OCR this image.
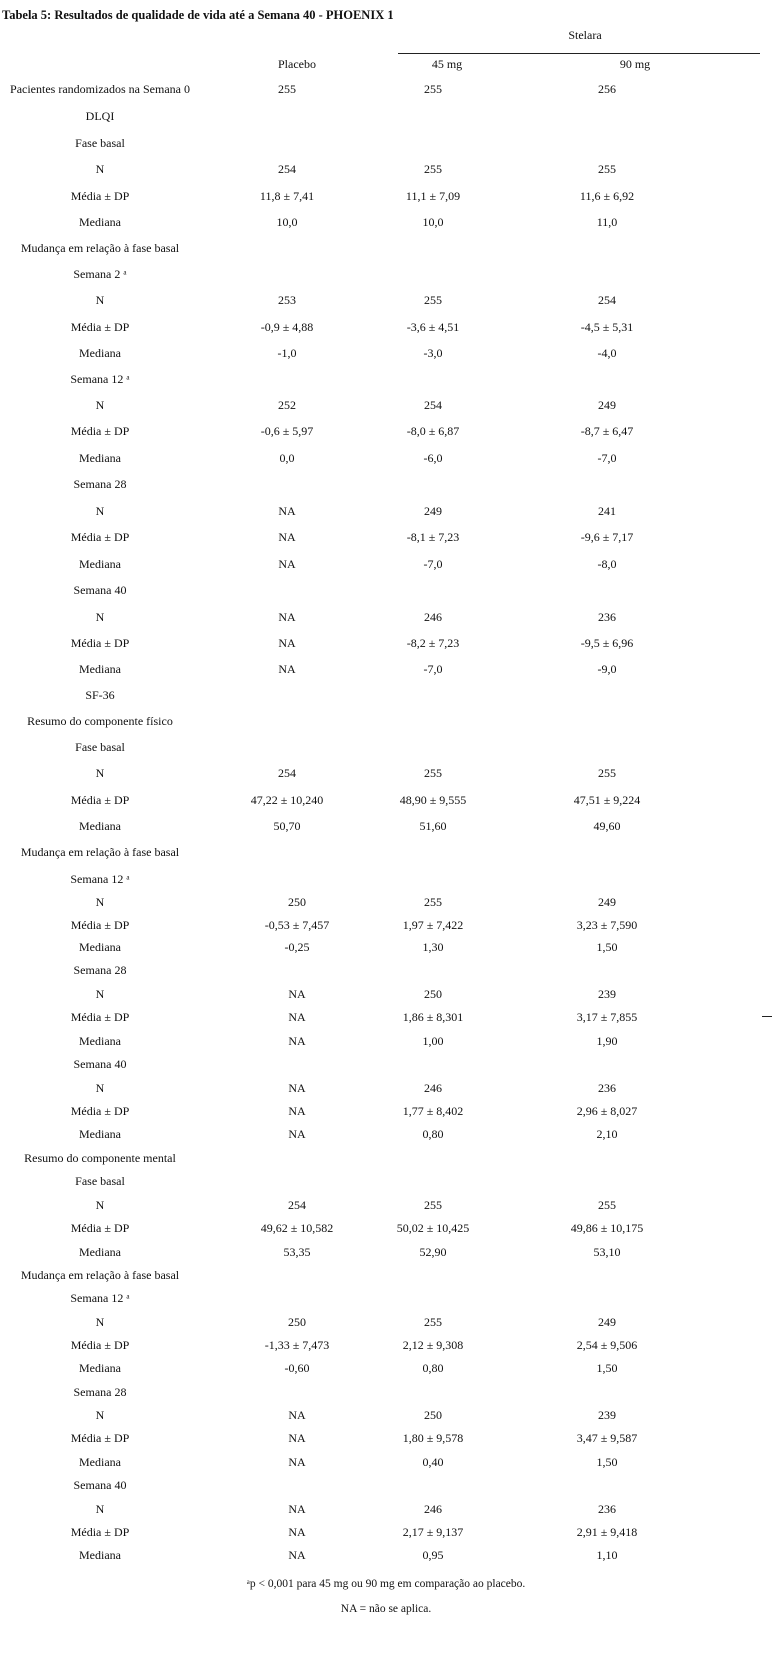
Tabela 5: Resultados de qualidade de vida até a Semana 40 - PHOENIX 1
Stelara
Placebo	45 mg	90 mg
Pacientes randomizados na Semana 0	255	255	256
DLQI
Fase basal
N	254	255	255
Média ± DP	11,8 ± 7,41	11,1 ± 7,09	11,6 ± 6,92
Mediana	10,0	10,0	11,0
Mudança em relação à fase basal
Semana 2 ᵃ
N	253	255	254
Média ± DP	-0,9 ± 4,88	-3,6 ± 4,51	-4,5 ± 5,31
Mediana	-1,0	-3,0	-4,0
Semana 12 ᵃ
N	252	254	249
Média ± DP	-0,6 ± 5,97	-8,0 ± 6,87	-8,7 ± 6,47
Mediana	0,0	-6,0	-7,0
Semana 28
N	NA	249	241
Média ± DP	NA	-8,1 ± 7,23	-9,6 ± 7,17
Mediana	NA	-7,0	-8,0
Semana 40
N	NA	246	236
Média ± DP	NA	-8,2 ± 7,23	-9,5 ± 6,96
Mediana	NA	-7,0	-9,0
SF-36
Resumo do componente físico
Fase basal
N	254	255	255
Média ± DP	47,22 ± 10,240	48,90 ± 9,555	47,51 ± 9,224
Mediana	50,70	51,60	49,60
Mudança em relação à fase basal
Semana 12 ᵃ
N	250	255	249
Média ± DP	-0,53 ± 7,457	1,97 ± 7,422	3,23 ± 7,590
Mediana	-0,25	1,30	1,50
Semana 28
N	NA	250	239
Média ± DP	NA	1,86 ± 8,301	3,17 ± 7,855
Mediana	NA	1,00	1,90
Semana 40
N	NA	246	236
Média ± DP	NA	1,77 ± 8,402	2,96 ± 8,027
Mediana	NA	0,80	2,10
Resumo do componente mental
Fase basal
N	254	255	255
Média ± DP	49,62 ± 10,582	50,02 ± 10,425	49,86 ± 10,175
Mediana	53,35	52,90	53,10
Mudança em relação à fase basal
Semana 12 ᵃ
N	250	255	249
Média ± DP	-1,33 ± 7,473	2,12 ± 9,308	2,54 ± 9,506
Mediana	-0,60	0,80	1,50
Semana 28
N	NA	250	239
Média ± DP	NA	1,80 ± 9,578	3,47 ± 9,587
Mediana	NA	0,40	1,50
Semana 40
N	NA	246	236
Média ± DP	NA	2,17 ± 9,137	2,91 ± 9,418
Mediana	NA	0,95	1,10
ᵃp < 0,001 para 45 mg ou 90 mg em comparação ao placebo.
NA = não se aplica.
